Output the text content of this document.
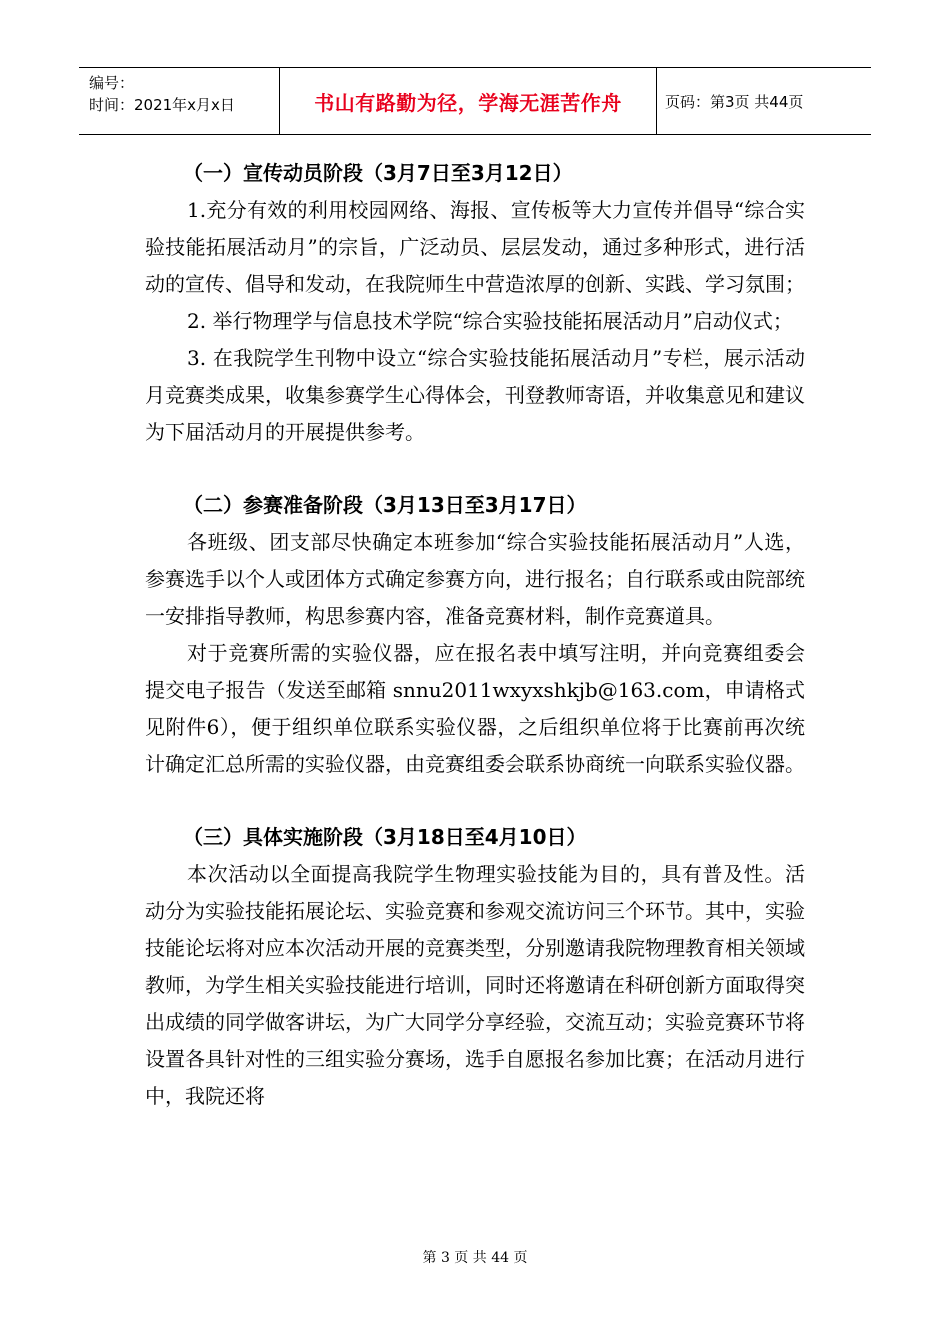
编号：
时间：2021年x月x日	书山有路勤为径，学海无涯苦作舟	页码：第3页 共44页

（一）宣传动员阶段（3月7日至3月12日）

1.充分有效的利用校园网络、海报、宣传板等大力宣传并倡导“综合实验技能拓展活动月”的宗旨，广泛动员、层层发动，通过多种形式，进行活动的宣传、倡导和发动，在我院师生中营造浓厚的创新、实践、学习氛围；

2. 举行物理学与信息技术学院“综合实验技能拓展活动月”启动仪式；

3. 在我院学生刊物中设立“综合实验技能拓展活动月”专栏，展示活动月竞赛类成果，收集参赛学生心得体会，刊登教师寄语，并收集意见和建议为下届活动月的开展提供参考。

（二）参赛准备阶段（3月13日至3月17日）

各班级、团支部尽快确定本班参加“综合实验技能拓展活动月”人选，参赛选手以个人或团体方式确定参赛方向，进行报名；自行联系或由院部统一安排指导教师，构思参赛内容，准备竞赛材料，制作竞赛道具。

对于竞赛所需的实验仪器，应在报名表中填写注明，并向竞赛组委会提交电子报告（发送至邮箱 snnu2011wxyxshkjb@163.com，申请格式见附件6），便于组织单位联系实验仪器，之后组织单位将于比赛前再次统计确定汇总所需的实验仪器，由竞赛组委会联系协商统一向联系实验仪器。

（三）具体实施阶段（3月18日至4月10日）

本次活动以全面提高我院学生物理实验技能为目的，具有普及性。活动分为实验技能拓展论坛、实验竞赛和参观交流访问三个环节。其中，实验技能论坛将对应本次活动开展的竞赛类型，分别邀请我院物理教育相关领域教师，为学生相关实验技能进行培训，同时还将邀请在科研创新方面取得突出成绩的同学做客讲坛，为广大同学分享经验，交流互动；实验竞赛环节将设置各具针对性的三组实验分赛场，选手自愿报名参加比赛；在活动月进行中，我院还将

第 3 页 共 44 页
